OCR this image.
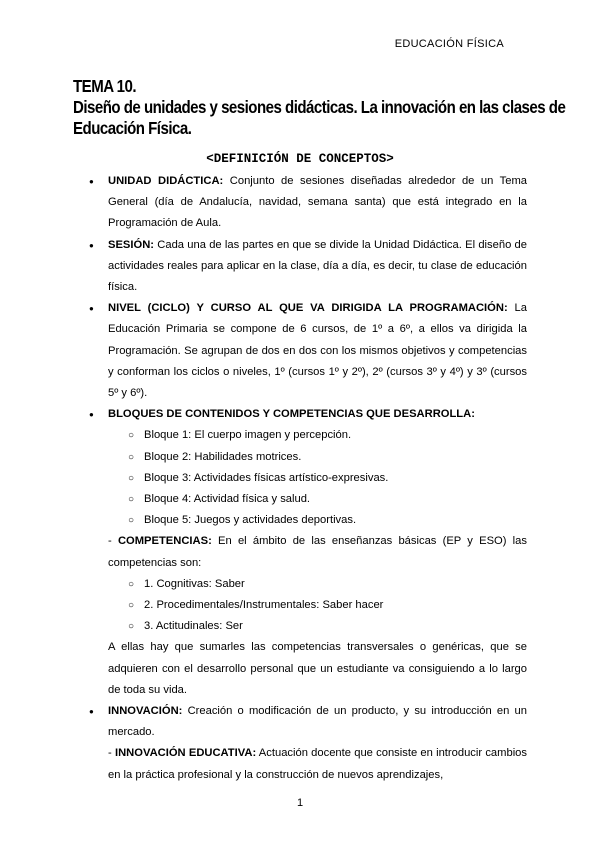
EDUCACIÓN FÍSICA
TEMA 10.
Diseño de unidades y sesiones didácticas. La innovación en las clases de
Educación Física.
<DEFINICIÓN DE CONCEPTOS>
● UNIDAD DIDÁCTICA: Conjunto de sesiones diseñadas alrededor de un Tema General (día de Andalucía, navidad, semana santa) que está integrado en la Programación de Aula.
● SESIÓN: Cada una de las partes en que se divide la Unidad Didáctica. El diseño de actividades reales para aplicar en la clase, día a día, es decir, tu clase de educación física.
● NIVEL (CICLO) Y CURSO AL QUE VA DIRIGIDA LA PROGRAMACIÓN: La Educación Primaria se compone de 6 cursos, de 1º a 6º, a ellos va dirigida la Programación. Se agrupan de dos en dos con los mismos objetivos y competencias y conforman los ciclos o niveles, 1º (cursos 1º y 2º), 2º (cursos 3º y 4º) y 3º (cursos 5º y 6º).
● BLOQUES DE CONTENIDOS Y COMPETENCIAS QUE DESARROLLA:
○ Bloque 1: El cuerpo imagen y percepción.
○ Bloque 2: Habilidades motrices.
○ Bloque 3: Actividades físicas artístico-expresivas.
○ Bloque 4: Actividad física y salud.
○ Bloque 5: Juegos y actividades deportivas.
- COMPETENCIAS: En el ámbito de las enseñanzas básicas (EP y ESO) las competencias son:
○ 1. Cognitivas: Saber
○ 2. Procedimentales/Instrumentales: Saber hacer
○ 3. Actitudinales: Ser
A ellas hay que sumarles las competencias transversales o genéricas, que se adquieren con el desarrollo personal que un estudiante va consiguiendo a lo largo de toda su vida.
● INNOVACIÓN: Creación o modificación de un producto, y su introducción en un mercado.
- INNOVACIÓN EDUCATIVA: Actuación docente que consiste en introducir cambios en la práctica profesional y la construcción de nuevos aprendizajes,
1
